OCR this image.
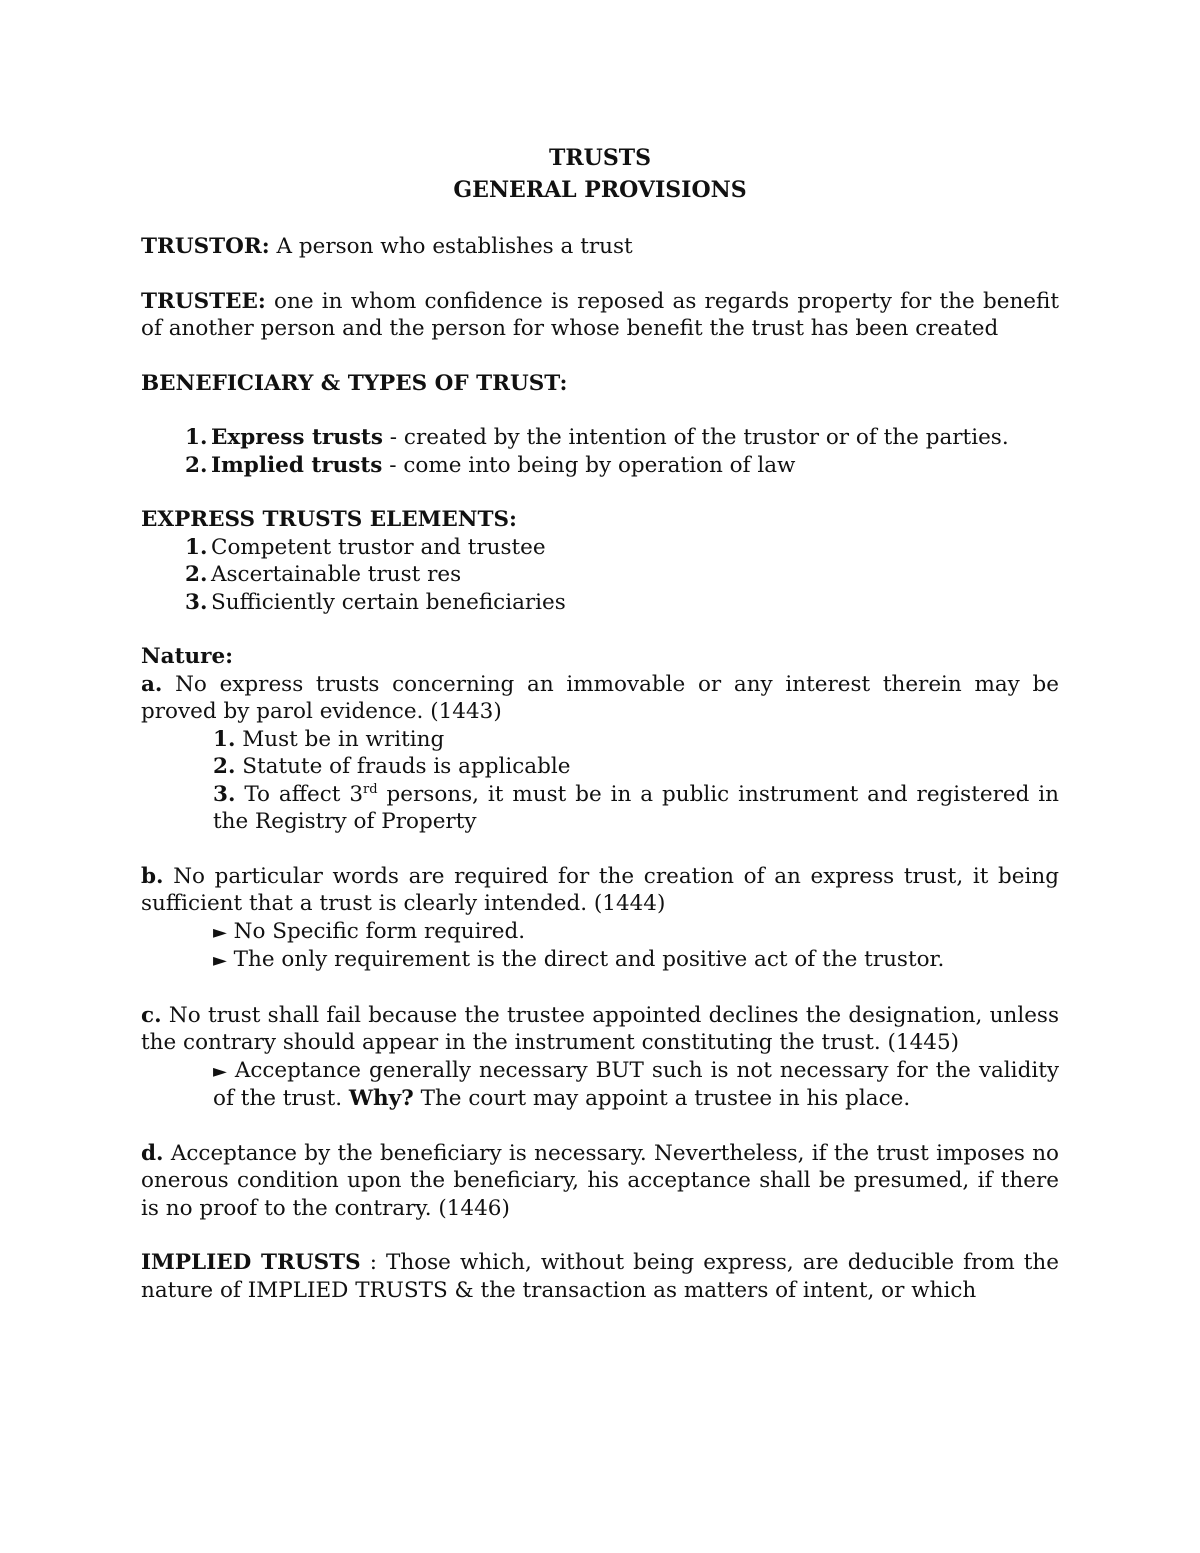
TRUSTS

GENERAL PROVISIONS

TRUSTOR: A person who establishes a trust

TRUSTEE: one in whom confidence is reposed as regards property for the benefit of another person and the person for whose benefit the trust has been created

BENEFICIARY & TYPES OF TRUST:

1. Express trusts - created by the intention of the trustor or of the parties.
2. Implied trusts - come into being by operation of law

EXPRESS TRUSTS ELEMENTS:

1. Competent trustor and trustee
2. Ascertainable trust res
3. Sufficiently certain beneficiaries

Nature:

a. No express trusts concerning an immovable or any interest therein may be proved by parol evidence. (1443)

1. Must be in writing

2. Statute of frauds is applicable

3. To affect 3rd persons, it must be in a public instrument and registered in the Registry of Property

b. No particular words are required for the creation of an express trust, it being sufficient that a trust is clearly intended. (1444)

► No Specific form required.

► The only requirement is the direct and positive act of the trustor.

c. No trust shall fail because the trustee appointed declines the designation, unless the contrary should appear in the instrument constituting the trust. (1445)

► Acceptance generally necessary BUT such is not necessary for the validity of the trust. Why? The court may appoint a trustee in his place.

d. Acceptance by the beneficiary is necessary. Nevertheless, if the trust imposes no onerous condition upon the beneficiary, his acceptance shall be presumed, if there is no proof to the contrary. (1446)

IMPLIED TRUSTS : Those which, without being express, are deducible from the nature of IMPLIED TRUSTS & the transaction as matters of intent, or which
